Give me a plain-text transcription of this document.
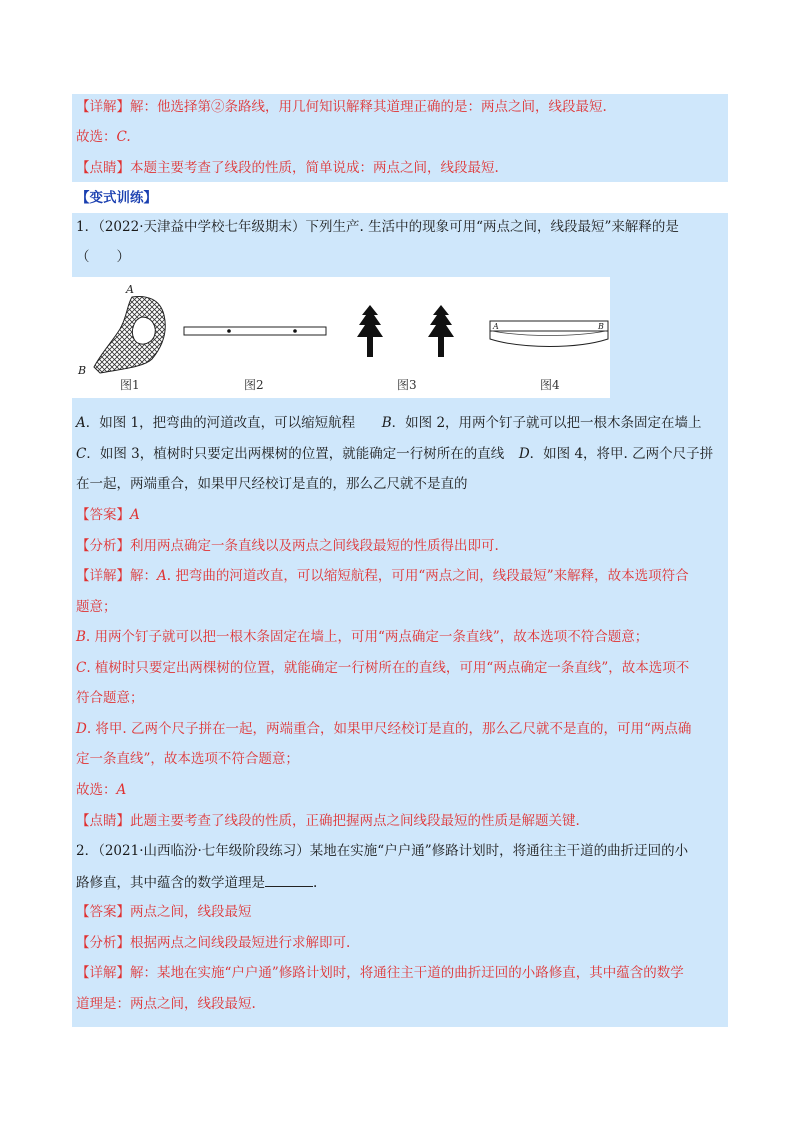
【详解】解：他选择第②条路线，用几何知识解释其道理正确的是：两点之间，线段最短.
故选：C.
【点睛】本题主要考查了线段的性质，简单说成：两点之间，线段最短.
【变式训练】
1．（2022·天津益中学校七年级期末）下列生产. 生活中的现象可用“两点之间，线段最短”来解释的是
（　　）
A
B
A	B
图1	图2	图3	图4
A．如图 1，把弯曲的河道改直，可以缩短航程 B．如图 2，用两个钉子就可以把一根木条固定在墙上
C．如图 3，植树时只要定出两棵树的位置，就能确定一行树所在的直线 D．如图 4，将甲. 乙两个尺子拼
在一起，两端重合，如果甲尺经校订是直的，那么乙尺就不是直的
【答案】A
【分析】利用两点确定一条直线以及两点之间线段最短的性质得出即可.
【详解】解：A. 把弯曲的河道改直，可以缩短航程，可用“两点之间，线段最短”来解释，故本选项符合
题意；
B. 用两个钉子就可以把一根木条固定在墙上，可用“两点确定一条直线”，故本选项不符合题意；
C. 植树时只要定出两棵树的位置，就能确定一行树所在的直线，可用“两点确定一条直线”，故本选项不
符合题意；
D. 将甲. 乙两个尺子拼在一起，两端重合，如果甲尺经校订是直的，那么乙尺就不是直的，可用“两点确
定一条直线”，故本选项不符合题意；
故选：A
【点睛】此题主要考查了线段的性质，正确把握两点之间线段最短的性质是解题关键.
2．（2021·山西临汾·七年级阶段练习）某地在实施“户户通”修路计划时，将通往主干道的曲折迂回的小
路修直，其中蕴含的数学道理是	.
【答案】两点之间，线段最短
【分析】根据两点之间线段最短进行求解即可.
【详解】解：某地在实施“户户通”修路计划时，将通往主干道的曲折迂回的小路修直，其中蕴含的数学
道理是：两点之间，线段最短.
